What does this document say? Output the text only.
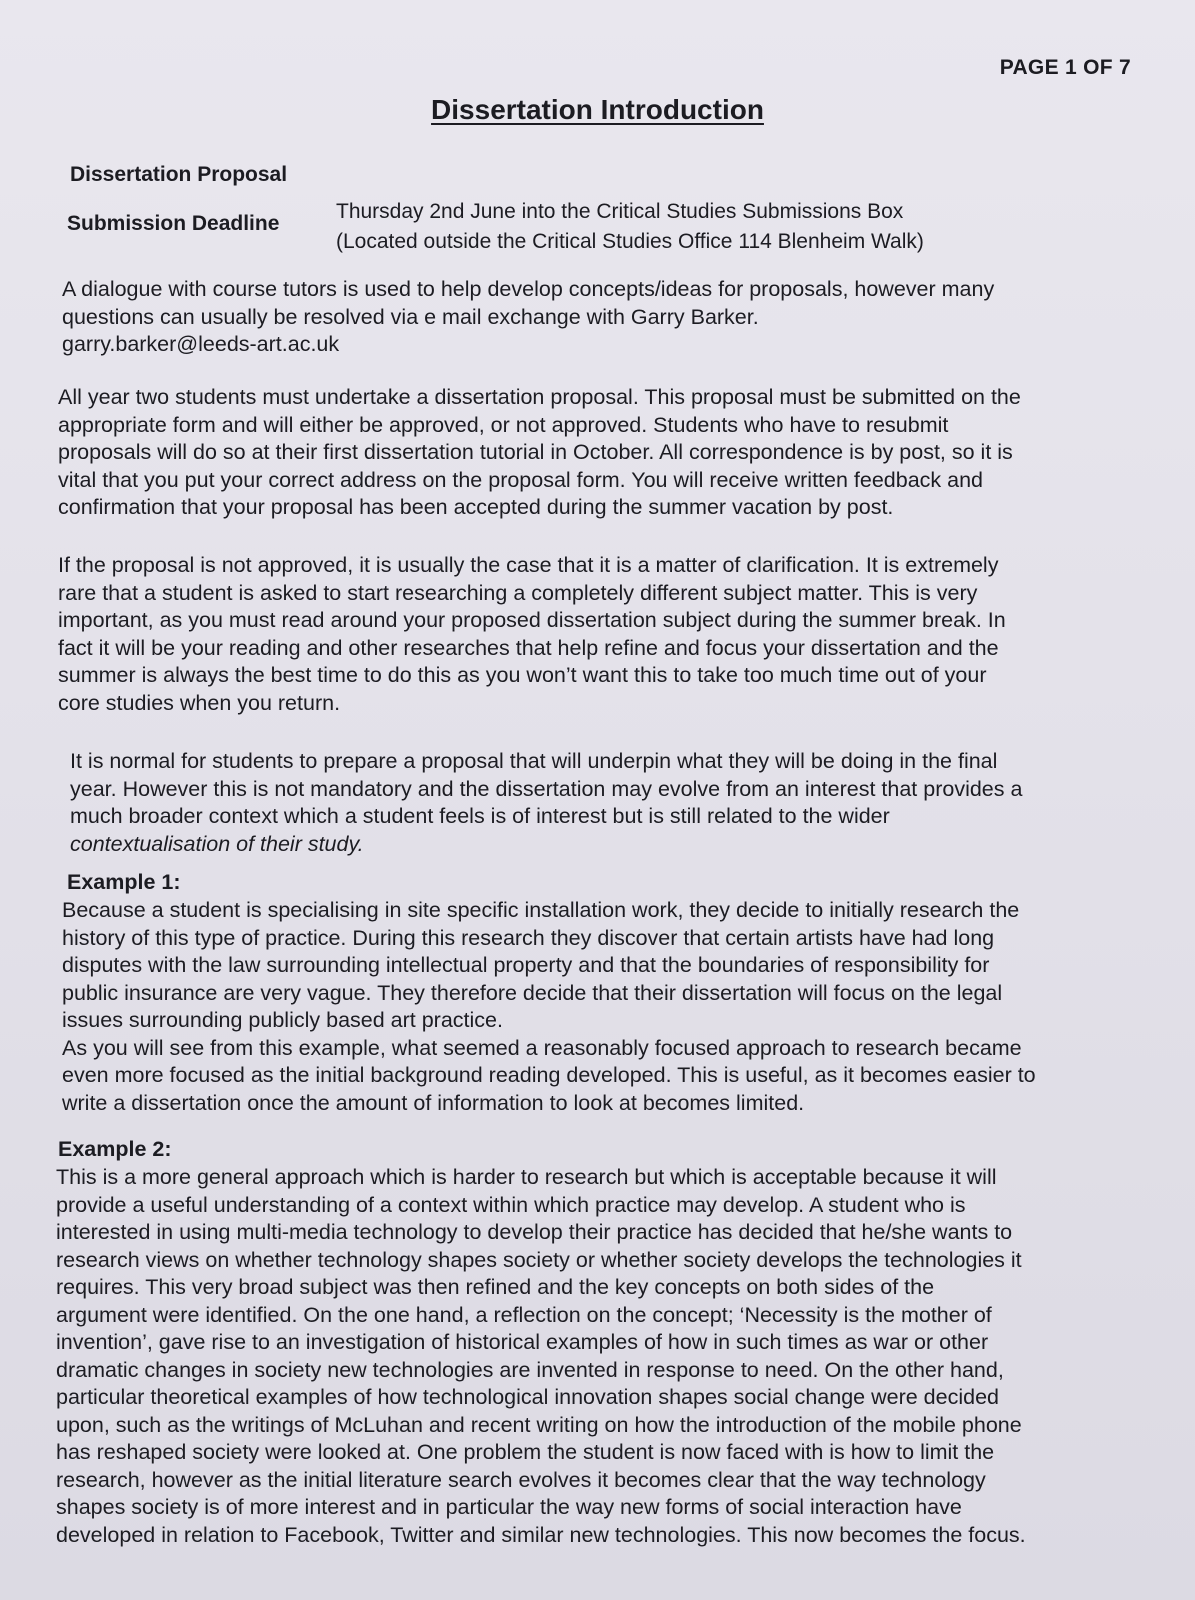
PAGE 1 OF 7
Dissertation Introduction
Dissertation Proposal
Submission Deadline
Thursday 2nd June into the Critical Studies Submissions Box
(Located outside the Critical Studies Office 114 Blenheim Walk)
A dialogue with course tutors is used to help develop concepts/ideas for proposals, however many
questions can usually be resolved via e mail exchange with Garry Barker.
garry.barker@leeds-art.ac.uk
All year two students must undertake a dissertation proposal. This proposal must be submitted on the
appropriate form and will either be approved, or not approved. Students who have to resubmit
proposals will do so at their first dissertation tutorial in October. All correspondence is by post, so it is
vital that you put your correct address on the proposal form. You will receive written feedback and
confirmation that your proposal has been accepted during the summer vacation by post.
If the proposal is not approved, it is usually the case that it is a matter of clarification. It is extremely
rare that a student is asked to start researching a completely different subject matter. This is very
important, as you must read around your proposed dissertation subject during the summer break. In
fact it will be your reading and other researches that help refine and focus your dissertation and the
summer is always the best time to do this as you won’t want this to take too much time out of your
core studies when you return.
It is normal for students to prepare a proposal that will underpin what they will be doing in the final
year. However this is not mandatory and the dissertation may evolve from an interest that provides a
much broader context which a student feels is of interest but is still related to the wider
contextualisation of their study.
Example 1:
Because a student is specialising in site specific installation work, they decide to initially research the
history of this type of practice. During this research they discover that certain artists have had long
disputes with the law surrounding intellectual property and that the boundaries of responsibility for
public insurance are very vague. They therefore decide that their dissertation will focus on the legal
issues surrounding publicly based art practice.
As you will see from this example, what seemed a reasonably focused approach to research became
even more focused as the initial background reading developed. This is useful, as it becomes easier to
write a dissertation once the amount of information to look at becomes limited.
Example 2:
This is a more general approach which is harder to research but which is acceptable because it will
provide a useful understanding of a context within which practice may develop. A student who is
interested in using multi-media technology to develop their practice has decided that he/she wants to
research views on whether technology shapes society or whether society develops the technologies it
requires. This very broad subject was then refined and the key concepts on both sides of the
argument were identified. On the one hand, a reflection on the concept; ‘Necessity is the mother of
invention’, gave rise to an investigation of historical examples of how in such times as war or other
dramatic changes in society new technologies are invented in response to need. On the other hand,
particular theoretical examples of how technological innovation shapes social change were decided
upon, such as the writings of McLuhan and recent writing on how the introduction of the mobile phone
has reshaped society were looked at. One problem the student is now faced with is how to limit the
research, however as the initial literature search evolves it becomes clear that the way technology
shapes society is of more interest and in particular the way new forms of social interaction have
developed in relation to Facebook, Twitter and similar new technologies. This now becomes the focus.
